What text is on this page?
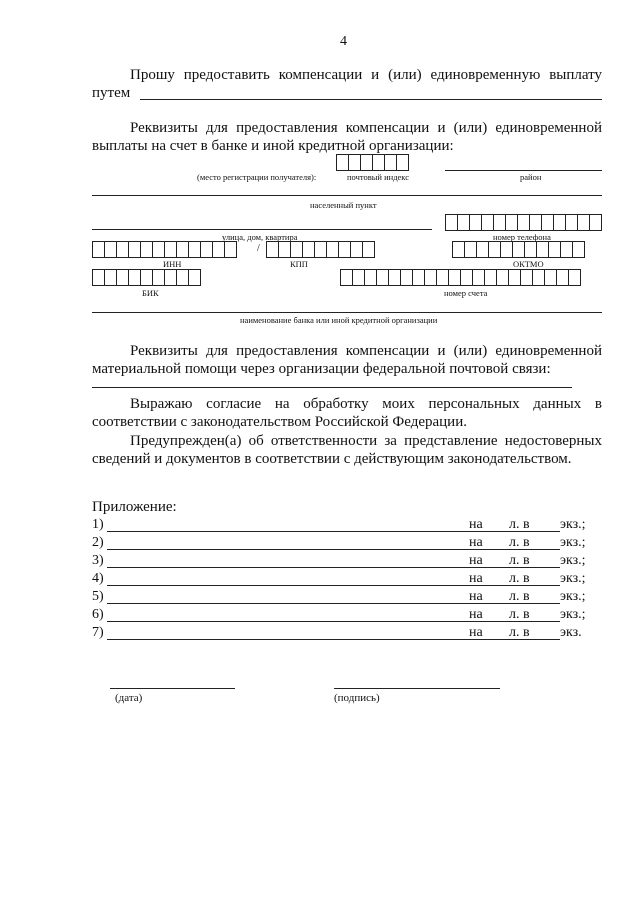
4
Прошу предоставить компенсации и (или) единовременную выплату
путем
Реквизиты для предоставления компенсации и (или) единовременной
выплаты на счет в банке и иной кредитной организации:
(место регистрации получателя):	почтовый индекс	район
населенный пункт
улица, дом, квартира	номер телефона
/
ИНН	КПП	ОКТМО
БИК	номер счета
наименование банка или иной кредитной организации
Реквизиты для предоставления компенсации и (или) единовременной
материальной помощи через организации федеральной почтовой связи:
Выражаю согласие на обработку моих персональных данных в
соответствии с законодательством Российской Федерации.
Предупрежден(а) об ответственности за представление недостоверных
сведений и документов в соответствии с действующим законодательством.
Приложение:
1)	на л. в экз.;
2)	на л. в экз.;
3)	на л. в экз.;
4)	на л. в экз.;
5)	на л. в экз.;
6)	на л. в экз.;
7)	на л. в экз.
(дата)	(подпись)
